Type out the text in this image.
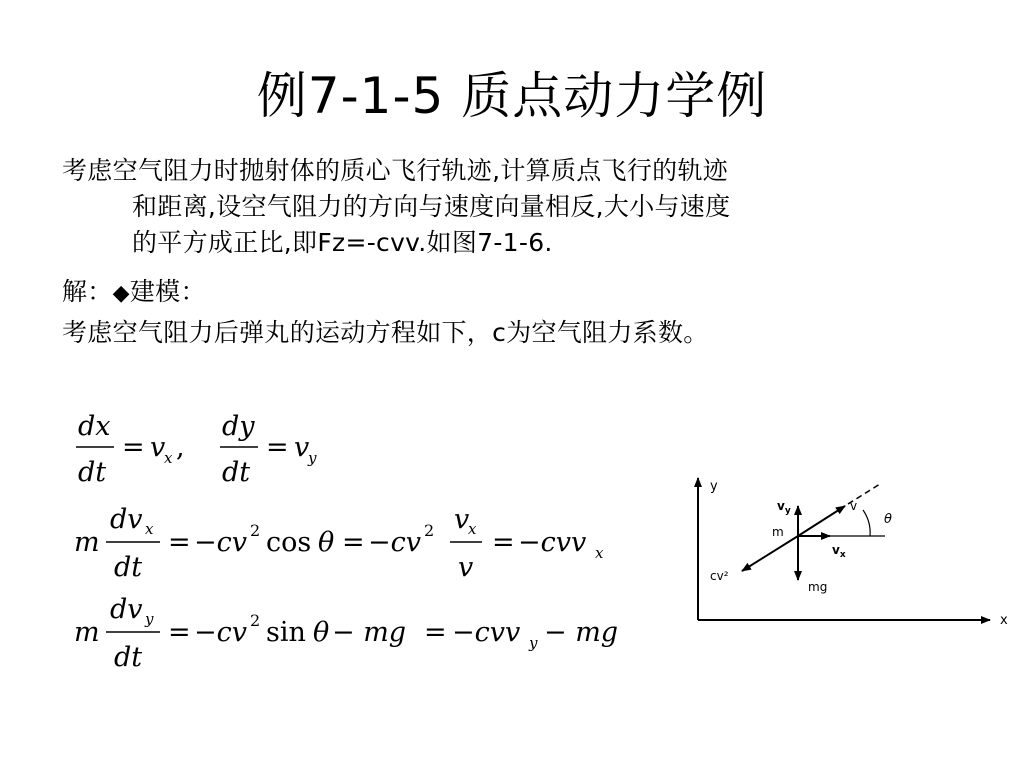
例7-1-5 质点动力学例
考虑空气阻力时抛射体的质心飞行轨迹,计算质点飞行的轨迹
和距离,设空气阻力的方向与速度向量相反,大小与速度
的平方成正比,即Fz=-cvv.如图7-1-6.
解：◆建模：
考虑空气阻力后弹丸的运动方程如下，c为空气阻力系数。
dx
dt
= v
x ,
dy
dt
= v
y
m
dv x
dt
= −cv 2 cos θ = −cv 2 v
x
v
= −cvv x
m
dv y
dt
= −cv 2 sin θ − mg = −cvv y − mg
y
x
θ
v
$v_y$
$v_x$
m
cv²
mg
